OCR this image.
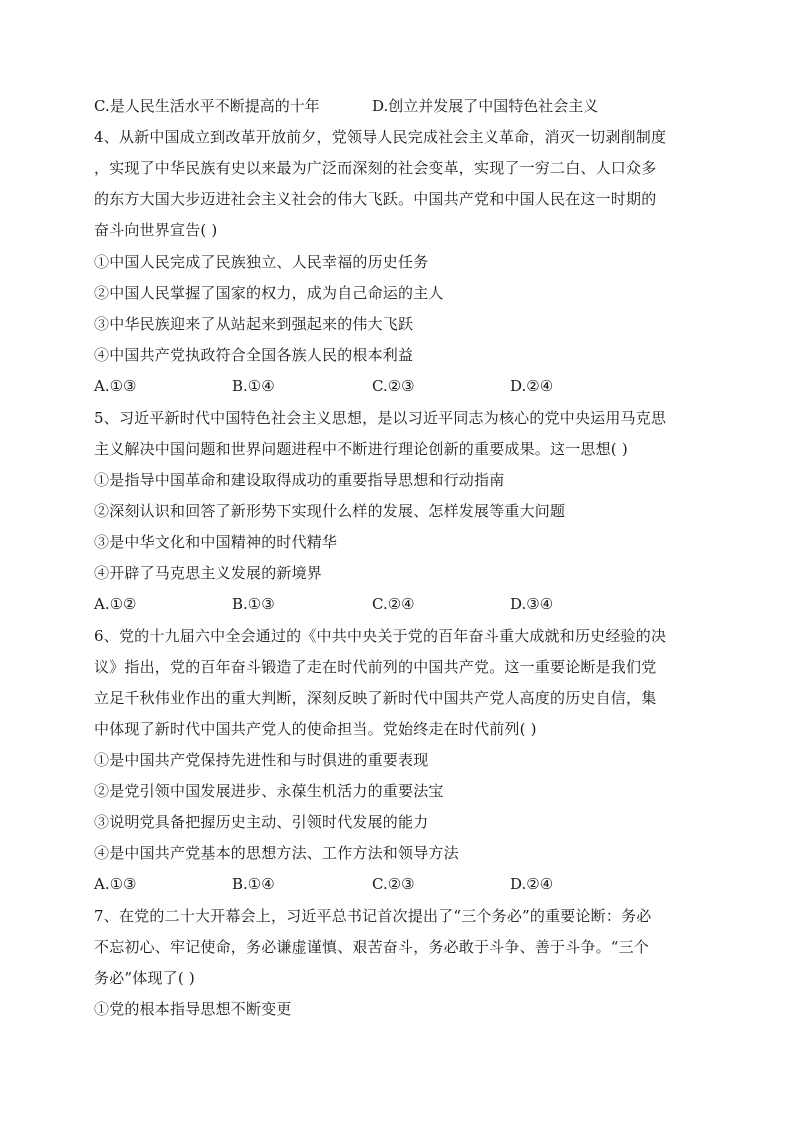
C.是人民生活水平不断提高的十年	D.创立并发展了中国特色社会主义
4、从新中国成立到改革开放前夕，党领导人民完成社会主义革命，消灭一切剥削制度
，实现了中华民族有史以来最为广泛而深刻的社会变革，实现了一穷二白、人口众多
的东方大国大步迈进社会主义社会的伟大飞跃。中国共产党和中国人民在这一时期的
奋斗向世界宣告( )
①中国人民完成了民族独立、人民幸福的历史任务
②中国人民掌握了国家的权力，成为自己命运的主人
③中华民族迎来了从站起来到强起来的伟大飞跃
④中国共产党执政符合全国各族人民的根本利益
A.①③	B.①④	C.②③	D.②④
5、习近平新时代中国特色社会主义思想，是以习近平同志为核心的党中央运用马克思
主义解决中国问题和世界问题进程中不断进行理论创新的重要成果。这一思想( )
①是指导中国革命和建设取得成功的重要指导思想和行动指南
②深刻认识和回答了新形势下实现什么样的发展、怎样发展等重大问题
③是中华文化和中国精神的时代精华
④开辟了马克思主义发展的新境界
A.①②	B.①③	C.②④	D.③④
6、党的十九届六中全会通过的《中共中央关于党的百年奋斗重大成就和历史经验的决
议》指出，党的百年奋斗锻造了走在时代前列的中国共产党。这一重要论断是我们党
立足千秋伟业作出的重大判断，深刻反映了新时代中国共产党人高度的历史自信，集
中体现了新时代中国共产党人的使命担当。党始终走在时代前列( )
①是中国共产党保持先进性和与时俱进的重要表现
②是党引领中国发展进步、永葆生机活力的重要法宝
③说明党具备把握历史主动、引领时代发展的能力
④是中国共产党基本的思想方法、工作方法和领导方法
A.①③	B.①④	C.②③	D.②④
7、在党的二十大开幕会上，习近平总书记首次提出了“三个务必”的重要论断：务必
不忘初心、牢记使命，务必谦虚谨慎、艰苦奋斗，务必敢于斗争、善于斗争。“三个
务必”体现了( )
①党的根本指导思想不断变更
